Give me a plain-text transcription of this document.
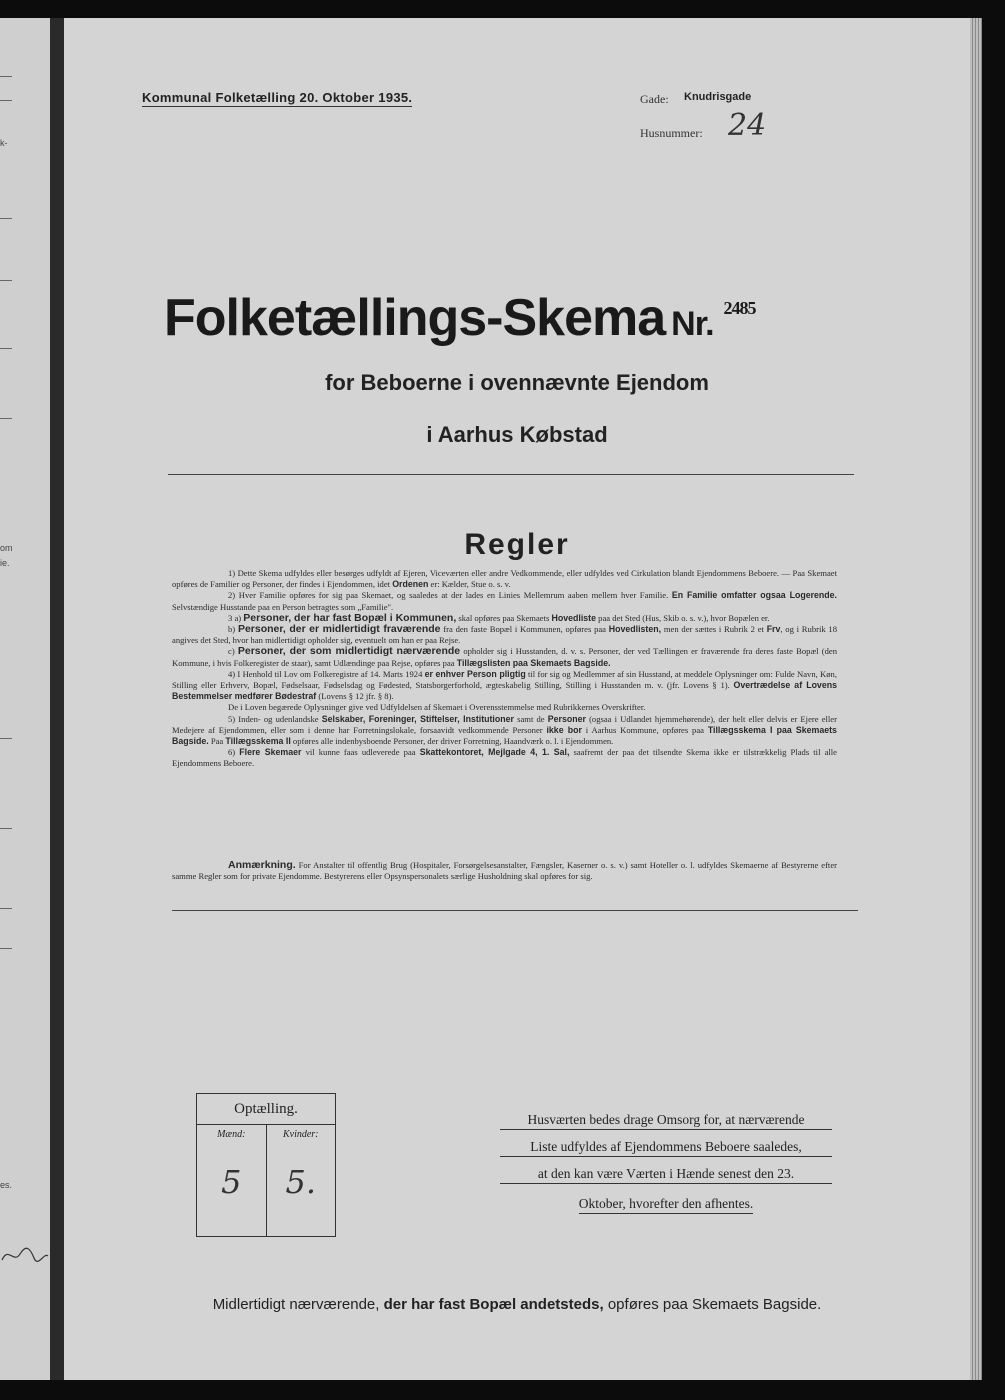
k-
om
ie.
es.
Kommunal Folketælling 20. Oktober 1935.	Gade: Knudrisgade
Husnummer: 24
Folketællings-Skema Nr. $^{2485}$
for Beboerne i ovennævnte Ejendom
i Aarhus Købstad
Regler

1) Dette Skema udfyldes eller besørges udfyldt af Ejeren, Viceværten eller andre Vedkommende, eller udfyldes ved Cirkulation blandt Ejendommens Beboere. — Paa Skemaet opføres de Familier og Personer, der findes i Ejendommen, idet Ordenen er: Kælder, Stue o. s. v.

2) Hver Familie opføres for sig paa Skemaet, og saaledes at der lades en Linies Mellemrum aaben mellem hver Familie. En Familie omfatter ogsaa Logerende. Selvstændige Husstande paa en Person betragtes som „Familie".

3 a) Personer, der har fast Bopæl i Kommunen, skal opføres paa Skemaets Hovedliste paa det Sted (Hus, Skib o. s. v.), hvor Bopælen er.

b) Personer, der er midlertidigt fraværende fra den faste Bopæl i Kommunen, opføres paa Hovedlisten, men der sættes i Rubrik 2 et Frv, og i Rubrik 18 angives det Sted, hvor han midlertidigt opholder sig, eventuelt om han er paa Rejse.

c) Personer, der som midlertidigt nærværende opholder sig i Husstanden, d. v. s. Personer, der ved Tællingen er fraværende fra deres faste Bopæl (den Kommune, i hvis Folkeregister de staar), samt Udlændinge paa Rejse, opføres paa Tillægslisten paa Skemaets Bagside.

4) I Henhold til Lov om Folkeregistre af 14. Marts 1924 er enhver Person pligtig til for sig og Medlemmer af sin Husstand, at meddele Oplysninger om: Fulde Navn, Køn, Stilling eller Erhverv, Bopæl, Fødselsaar, Fødselsdag og Fødested, Statsborgerforhold, ægteskabelig Stilling, Stilling i Husstanden m. v. (jfr. Lovens § 1). Overtrædelse af Lovens Bestemmelser medfører Bødestraf (Lovens § 12 jfr. § 8).

De i Loven begærede Oplysninger give ved Udfyldelsen af Skemaet i Overensstemmelse med Rubrikkernes Overskrifter.

5) Inden- og udenlandske Selskaber, Foreninger, Stiftelser, Institutioner samt de Personer (ogsaa i Udlandet hjemmehørende), der helt eller delvis er Ejere eller Medejere af Ejendommen, eller som i denne har Forretningslokale, forsaavidt vedkommende Personer ikke bor i Aarhus Kommune, opføres paa Tillægsskema I paa Skemaets Bagside. Paa Tillægsskema II opføres alle indenbysboende Personer, der driver Forretning, Haandværk o. l. i Ejendommen.

6) Flere Skemaer vil kunne faas udleverede paa Skattekontoret, Mejlgade 4, 1. Sal, saafremt der paa det tilsendte Skema ikke er tilstrækkelig Plads til alle Ejendommens Beboere.

Anmærkning. For Anstalter til offentlig Brug (Hospitaler, Forsørgelsesanstalter, Fængsler, Kaserner o. s. v.) samt Hoteller o. l. udfyldes Skemaerne af Bestyrerne efter samme Regler som for private Ejendomme. Bestyrerens eller Opsynspersonalets særlige Husholdning skal opføres for sig.
Optælling.
Mænd:
5
Kvinder:
5.
Husværten bedes drage Omsorg for, at nærværende
Liste udfyldes af Ejendommens Beboere saaledes,
at den kan være Værten i Hænde senest den 23.
Oktober, hvorefter den afhentes.
Midlertidigt nærværende, der har fast Bopæl andetsteds, opføres paa Skemaets Bagside.
